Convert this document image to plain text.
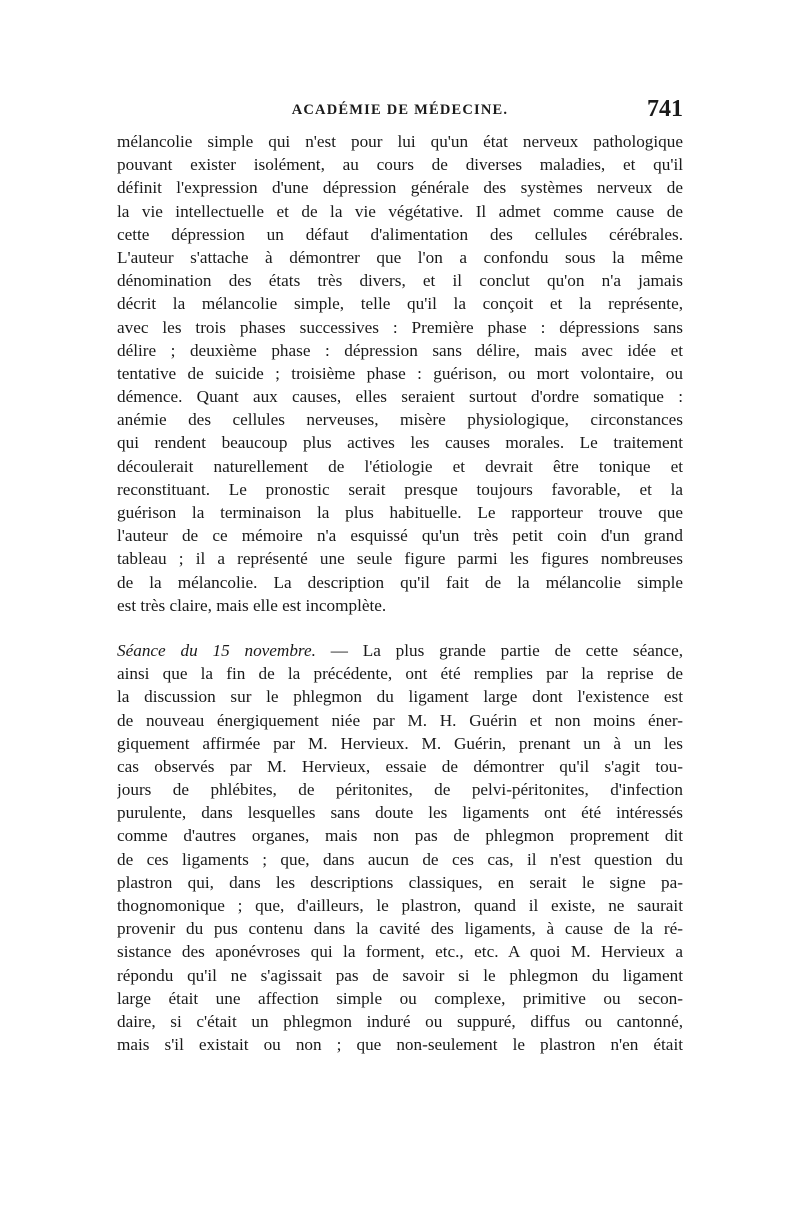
ACADÉMIE DE MÉDECINE.	741
mélancolie simple qui n'est pour lui qu'un état nerveux pathologique
pouvant exister isolément, au cours de diverses maladies, et qu'il
définit l'expression d'une dépression générale des systèmes nerveux de
la vie intellectuelle et de la vie végétative. Il admet comme cause de
cette dépression un défaut d'alimentation des cellules cérébrales.
L'auteur s'attache à démontrer que l'on a confondu sous la même
dénomination des états très divers, et il conclut qu'on n'a jamais
décrit la mélancolie simple, telle qu'il la conçoit et la représente,
avec les trois phases successives : Première phase : dépressions sans
délire ; deuxième phase : dépression sans délire, mais avec idée et
tentative de suicide ; troisième phase : guérison, ou mort volontaire, ou
démence. Quant aux causes, elles seraient surtout d'ordre somatique :
anémie des cellules nerveuses, misère physiologique, circonstances
qui rendent beaucoup plus actives les causes morales. Le traitement
découlerait naturellement de l'étiologie et devrait être tonique et
reconstituant. Le pronostic serait presque toujours favorable, et la
guérison la terminaison la plus habituelle. Le rapporteur trouve que
l'auteur de ce mémoire n'a esquissé qu'un très petit coin d'un grand
tableau ; il a représenté une seule figure parmi les figures nombreuses
de la mélancolie. La description qu'il fait de la mélancolie simple
est très claire, mais elle est incomplète.
Séance du 15 novembre. — La plus grande partie de cette séance,
ainsi que la fin de la précédente, ont été remplies par la reprise de
la discussion sur le phlegmon du ligament large dont l'existence est
de nouveau énergiquement niée par M. H. Guérin et non moins éner-
giquement affirmée par M. Hervieux. M. Guérin, prenant un à un les
cas observés par M. Hervieux, essaie de démontrer qu'il s'agit tou-
jours de phlébites, de péritonites, de pelvi-péritonites, d'infection
purulente, dans lesquelles sans doute les ligaments ont été intéressés
comme d'autres organes, mais non pas de phlegmon proprement dit
de ces ligaments ; que, dans aucun de ces cas, il n'est question du
plastron qui, dans les descriptions classiques, en serait le signe pa-
thognomonique ; que, d'ailleurs, le plastron, quand il existe, ne saurait
provenir du pus contenu dans la cavité des ligaments, à cause de la ré-
sistance des aponévroses qui la forment, etc., etc. A quoi M. Hervieux a
répondu qu'il ne s'agissait pas de savoir si le phlegmon du ligament
large était une affection simple ou complexe, primitive ou secon-
daire, si c'était un phlegmon induré ou suppuré, diffus ou cantonné,
mais s'il existait ou non ; que non-seulement le plastron n'en était
